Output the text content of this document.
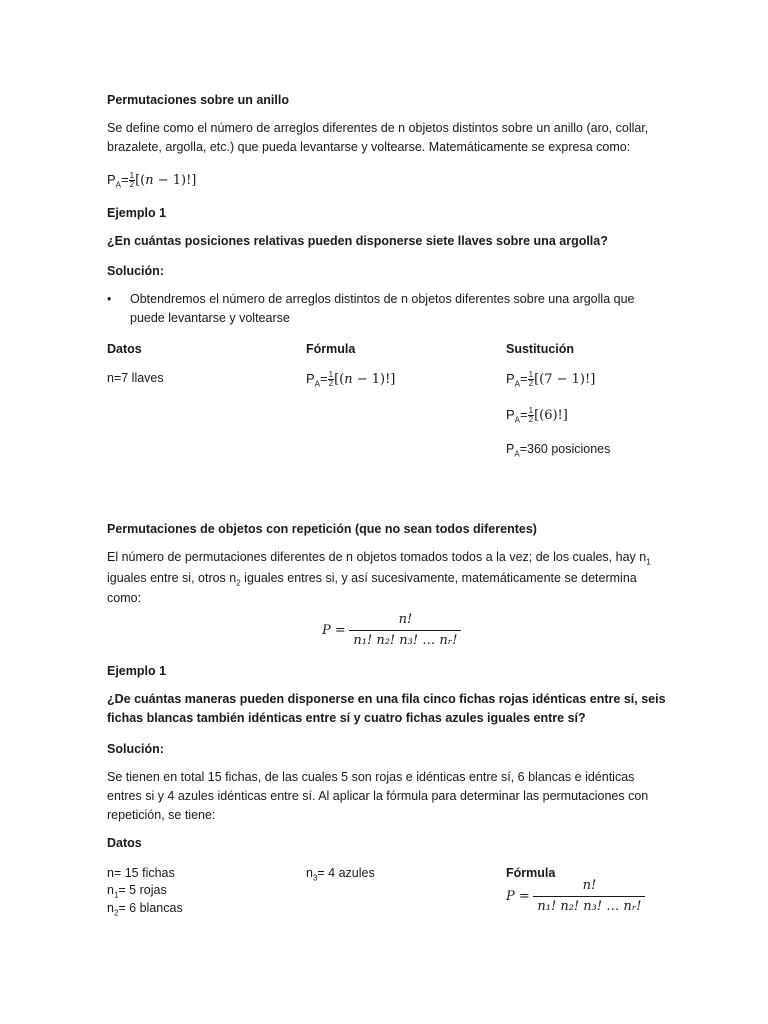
Permutaciones sobre un anillo
Se define como el número de arreglos diferentes de n objetos distintos sobre un anillo (aro, collar, brazalete, argolla, etc.) que pueda levantarse y voltearse. Matemáticamente se expresa como:
$P_A= \frac{1}{2}$ [(𝑛 − 1)!]
Ejemplo 1
¿En cuántas posiciones relativas pueden disponerse siete llaves sobre una argolla?
Solución:
• Obtendremos el número de arreglos distintos de n objetos diferentes sobre una argolla que puede levantarse y voltearse
Datos	Fórmula	Sustitución
n=7 llaves	$P_A= \frac{1}{2}$ [(𝑛 − 1)!]	$P_A= \frac{1}{2} [(7 - 1)!]$
$P_A= \frac{1}{2} [(6)!]$
$P_A=360$ posiciones
Permutaciones de objetos con repetición (que no sean todos diferentes)
El número de permutaciones diferentes de n objetos tomados todos a la vez; de los cuales, hay $n_1$ iguales entre si, otros $n_2$ iguales entres si, y así sucesivamente, matemáticamente se determina como:
𝑃 =
𝑛!
𝑛₁! 𝑛₂! 𝑛₃! … 𝑛ᵣ!
Ejemplo 1
¿De cuántas maneras pueden disponerse en una fila cinco fichas rojas idénticas entre sí, seis fichas blancas también idénticas entre sí y cuatro fichas azules iguales entre sí?
Solución:
Se tienen en total 15 fichas, de las cuales 5 son rojas e idénticas entre sí, 6 blancas e idénticas entres si y 4 azules idénticas entre sí. Al aplicar la fórmula para determinar las permutaciones con repetición, se tiene:
Datos
n= 15 fichas
$n_1= 5$ rojas
$n_2= 6$ blancas
$n_3= 4$ azules	Fórmula
𝑃 =
𝑛!
𝑛₁! 𝑛₂! 𝑛₃! … 𝑛ᵣ!
